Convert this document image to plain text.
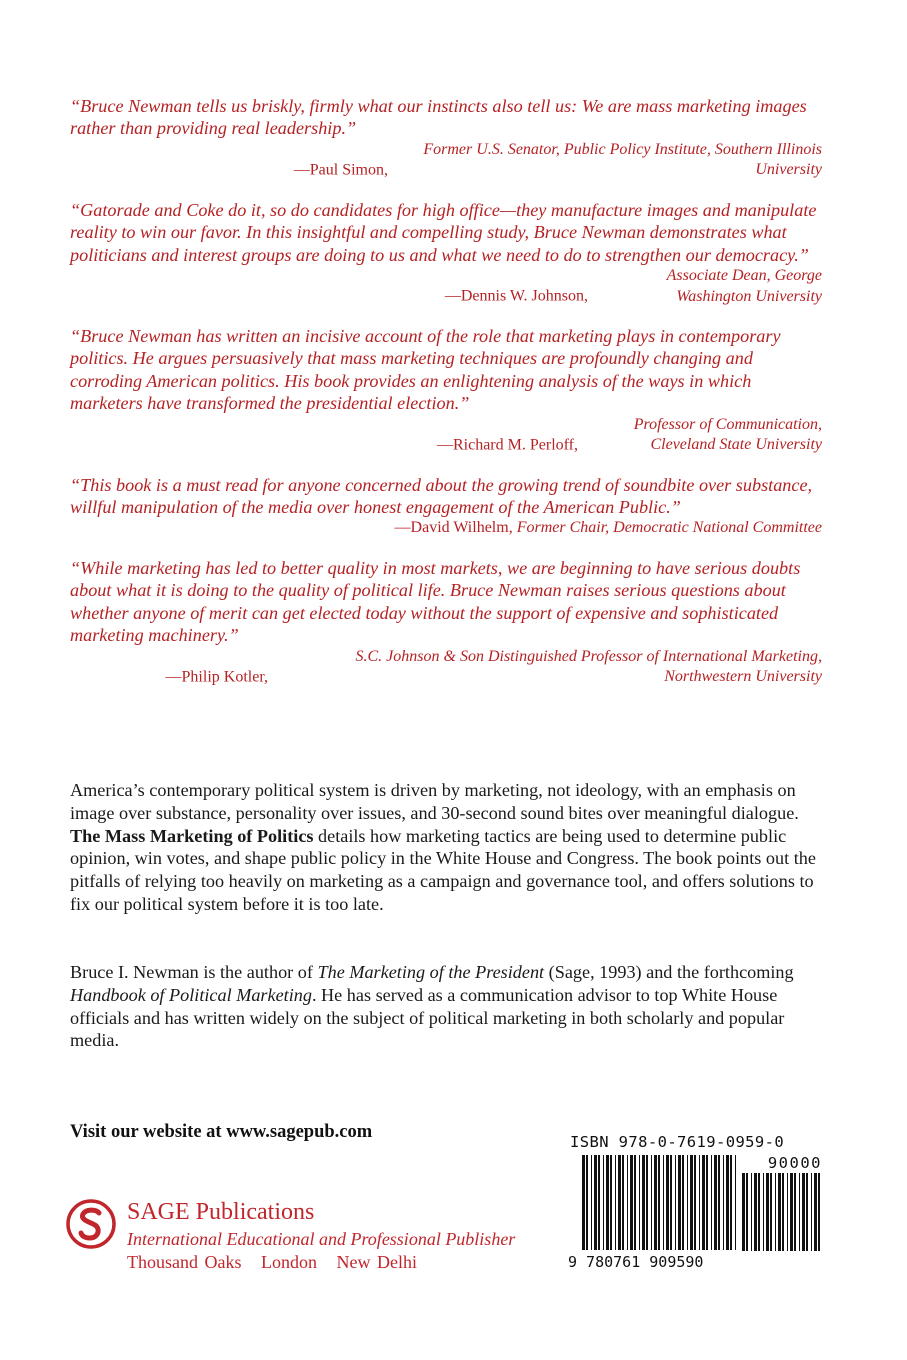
“Bruce Newman tells us briskly, firmly what our instincts also tell us: We are mass marketing images rather than providing real leadership.”
—Paul Simon, Former U.S. Senator, Public Policy Institute, Southern Illinois University
“Gatorade and Coke do it, so do candidates for high office—they manufacture images and manipulate reality to win our favor. In this insightful and compelling study, Bruce Newman demonstrates what politicians and interest groups are doing to us and what we need to do to strengthen our democracy.”
—Dennis W. Johnson, Associate Dean, George Washington University
“Bruce Newman has written an incisive account of the role that marketing plays in contemporary politics. He argues persuasively that mass marketing techniques are profoundly changing and corroding American politics. His book provides an enlightening analysis of the ways in which marketers have transformed the presidential election.”
—Richard M. Perloff, Professor of Communication, Cleveland State University
“This book is a must read for anyone concerned about the growing trend of soundbite over substance, willful manipulation of the media over honest engagement of the American Public.”
—David Wilhelm, Former Chair, Democratic National Committee
“While marketing has led to better quality in most markets, we are beginning to have serious doubts about what it is doing to the quality of political life. Bruce Newman raises serious questions about whether anyone of merit can get elected today without the support of expensive and sophisticated marketing machinery.”
—Philip Kotler, S.C. Johnson & Son Distinguished Professor of International Marketing, Northwestern University
America’s contemporary political system is driven by marketing, not ideology, with an emphasis on image over substance, personality over issues, and 30-second sound bites over meaningful dialogue. The Mass Marketing of Politics details how marketing tactics are being used to determine public opinion, win votes, and shape public policy in the White House and Congress. The book points out the pitfalls of relying too heavily on marketing as a campaign and governance tool, and offers solutions to fix our political system before it is too late.
Bruce I. Newman is the author of The Marketing of the President (Sage, 1993) and the forthcoming Handbook of Political Marketing. He has served as a communication advisor to top White House officials and has written widely on the subject of political marketing in both scholarly and popular media.
Visit our website at www.sagepub.com
SAGE Publications
International Educational and Professional Publisher
Thousand Oaks   London   New Delhi
ISBN 978-0-7619-0959-0
90000
9 780761 909590
